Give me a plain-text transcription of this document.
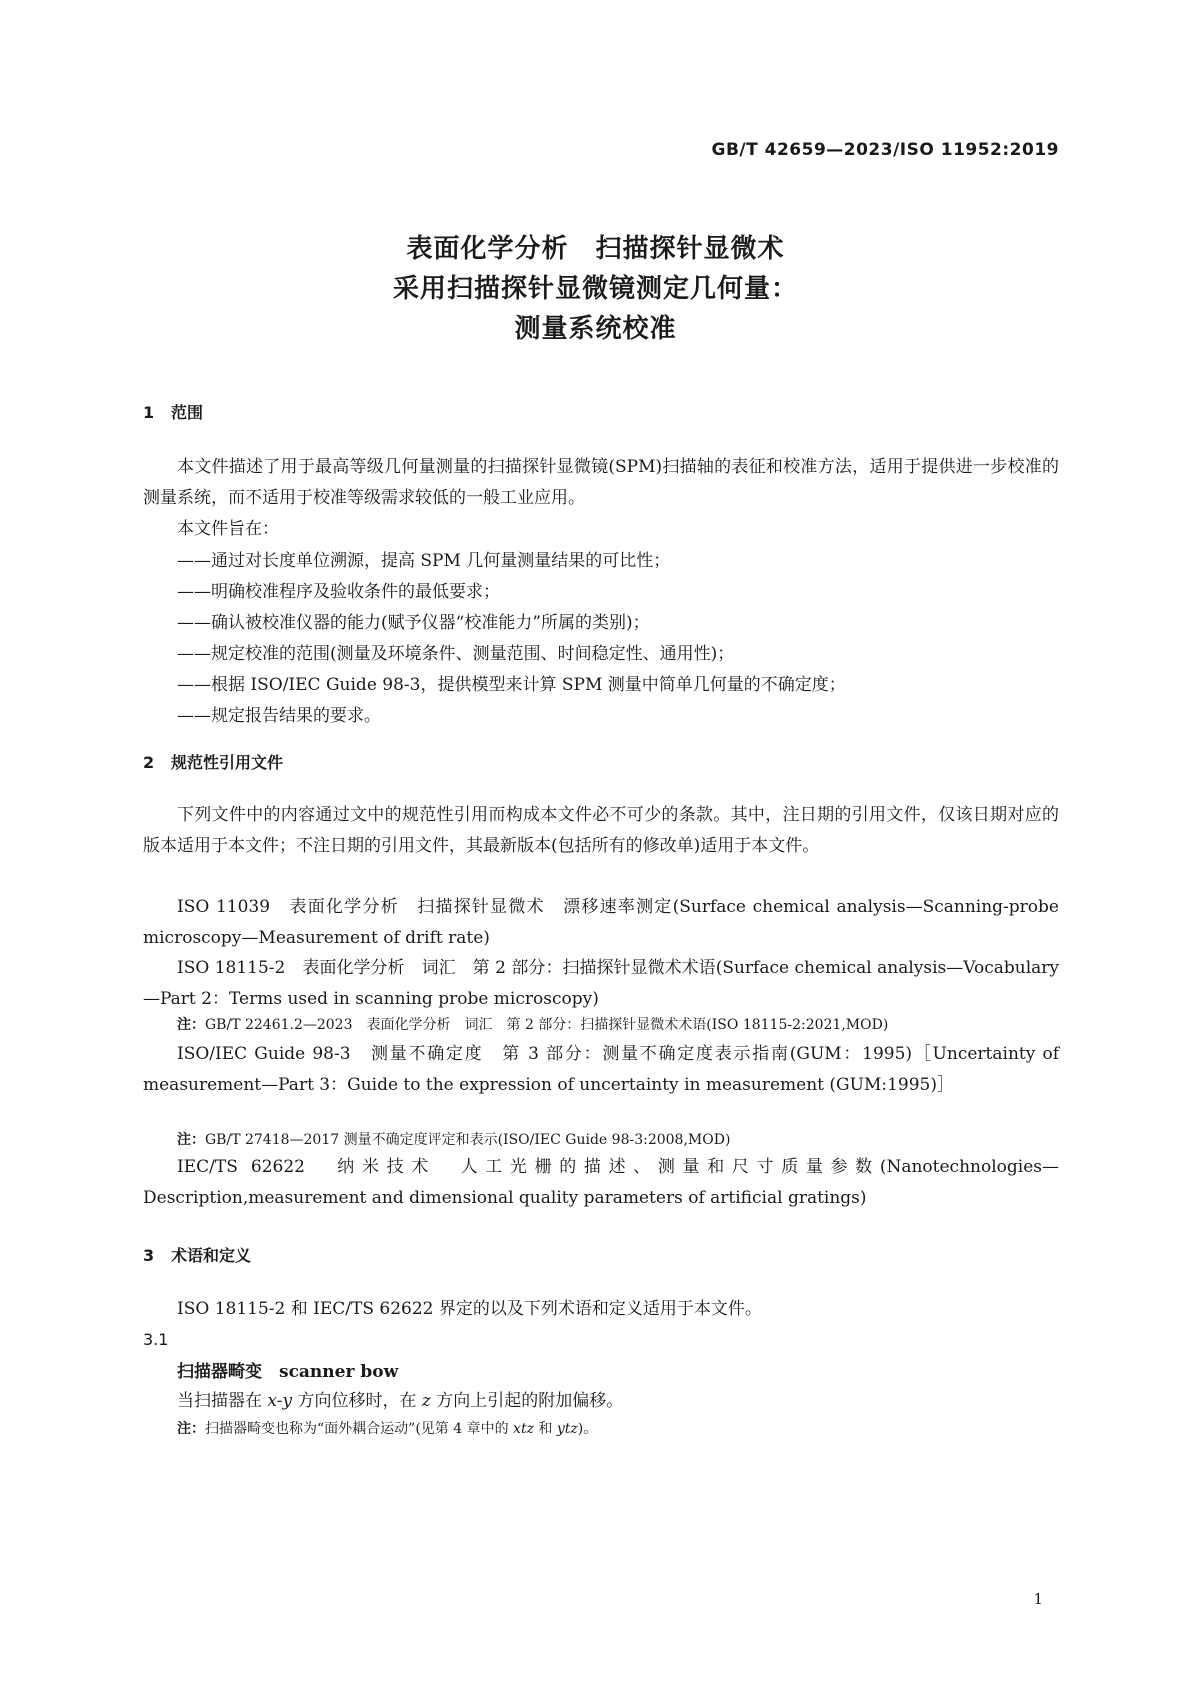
GB/T 42659—2023/ISO 11952:2019
表面化学分析　扫描探针显微术
采用扫描探针显微镜测定几何量：
测量系统校准
1 范围
本文件描述了用于最高等级几何量测量的扫描探针显微镜(SPM)扫描轴的表征和校准方法，适用于提供进一步校准的测量系统，而不适用于校准等级需求较低的一般工业应用。
本文件旨在：
——通过对长度单位溯源，提高 SPM 几何量测量结果的可比性；
——明确校准程序及验收条件的最低要求；
——确认被校准仪器的能力(赋予仪器“校准能力”所属的类别)；
——规定校准的范围(测量及环境条件、测量范围、时间稳定性、通用性)；
——根据 ISO/IEC Guide 98-3，提供模型来计算 SPM 测量中简单几何量的不确定度；
——规定报告结果的要求。
2 规范性引用文件
下列文件中的内容通过文中的规范性引用而构成本文件必不可少的条款。其中，注日期的引用文件，仅该日期对应的版本适用于本文件；不注日期的引用文件，其最新版本(包括所有的修改单)适用于本文件。
ISO 11039　表面化学分析　扫描探针显微术　漂移速率测定(Surface chemical analysis—Scanning-probe microscopy—Measurement of drift rate)
ISO 18115-2　表面化学分析　词汇　第 2 部分：扫描探针显微术术语(Surface chemical analysis—Vocabulary—Part 2：Terms used in scanning probe microscopy)
注：GB/T 22461.2—2023　表面化学分析　词汇　第 2 部分：扫描探针显微术术语(ISO 18115-2:2021,MOD)
ISO/IEC Guide 98-3　测量不确定度　第 3 部分：测量不确定度表示指南(GUM：1995)［Uncertainty of measurement—Part 3：Guide to the expression of uncertainty in measurement (GUM:1995)］
注：GB/T 27418—2017 测量不确定度评定和表示(ISO/IEC Guide 98-3:2008,MOD)
IEC/TS 62622　纳米技术　人工光栅的描述、测量和尺寸质量参数(Nanotechnologies—Description,measurement and dimensional quality parameters of artificial gratings)
3 术语和定义
ISO 18115-2 和 IEC/TS 62622 界定的以及下列术语和定义适用于本文件。
3.1
扫描器畸变　 scanner bow
当扫描器在 x-y 方向位移时，在 z 方向上引起的附加偏移。
注：扫描器畸变也称为“面外耦合运动”(见第 4 章中的 xtz 和 ytz)。
1
